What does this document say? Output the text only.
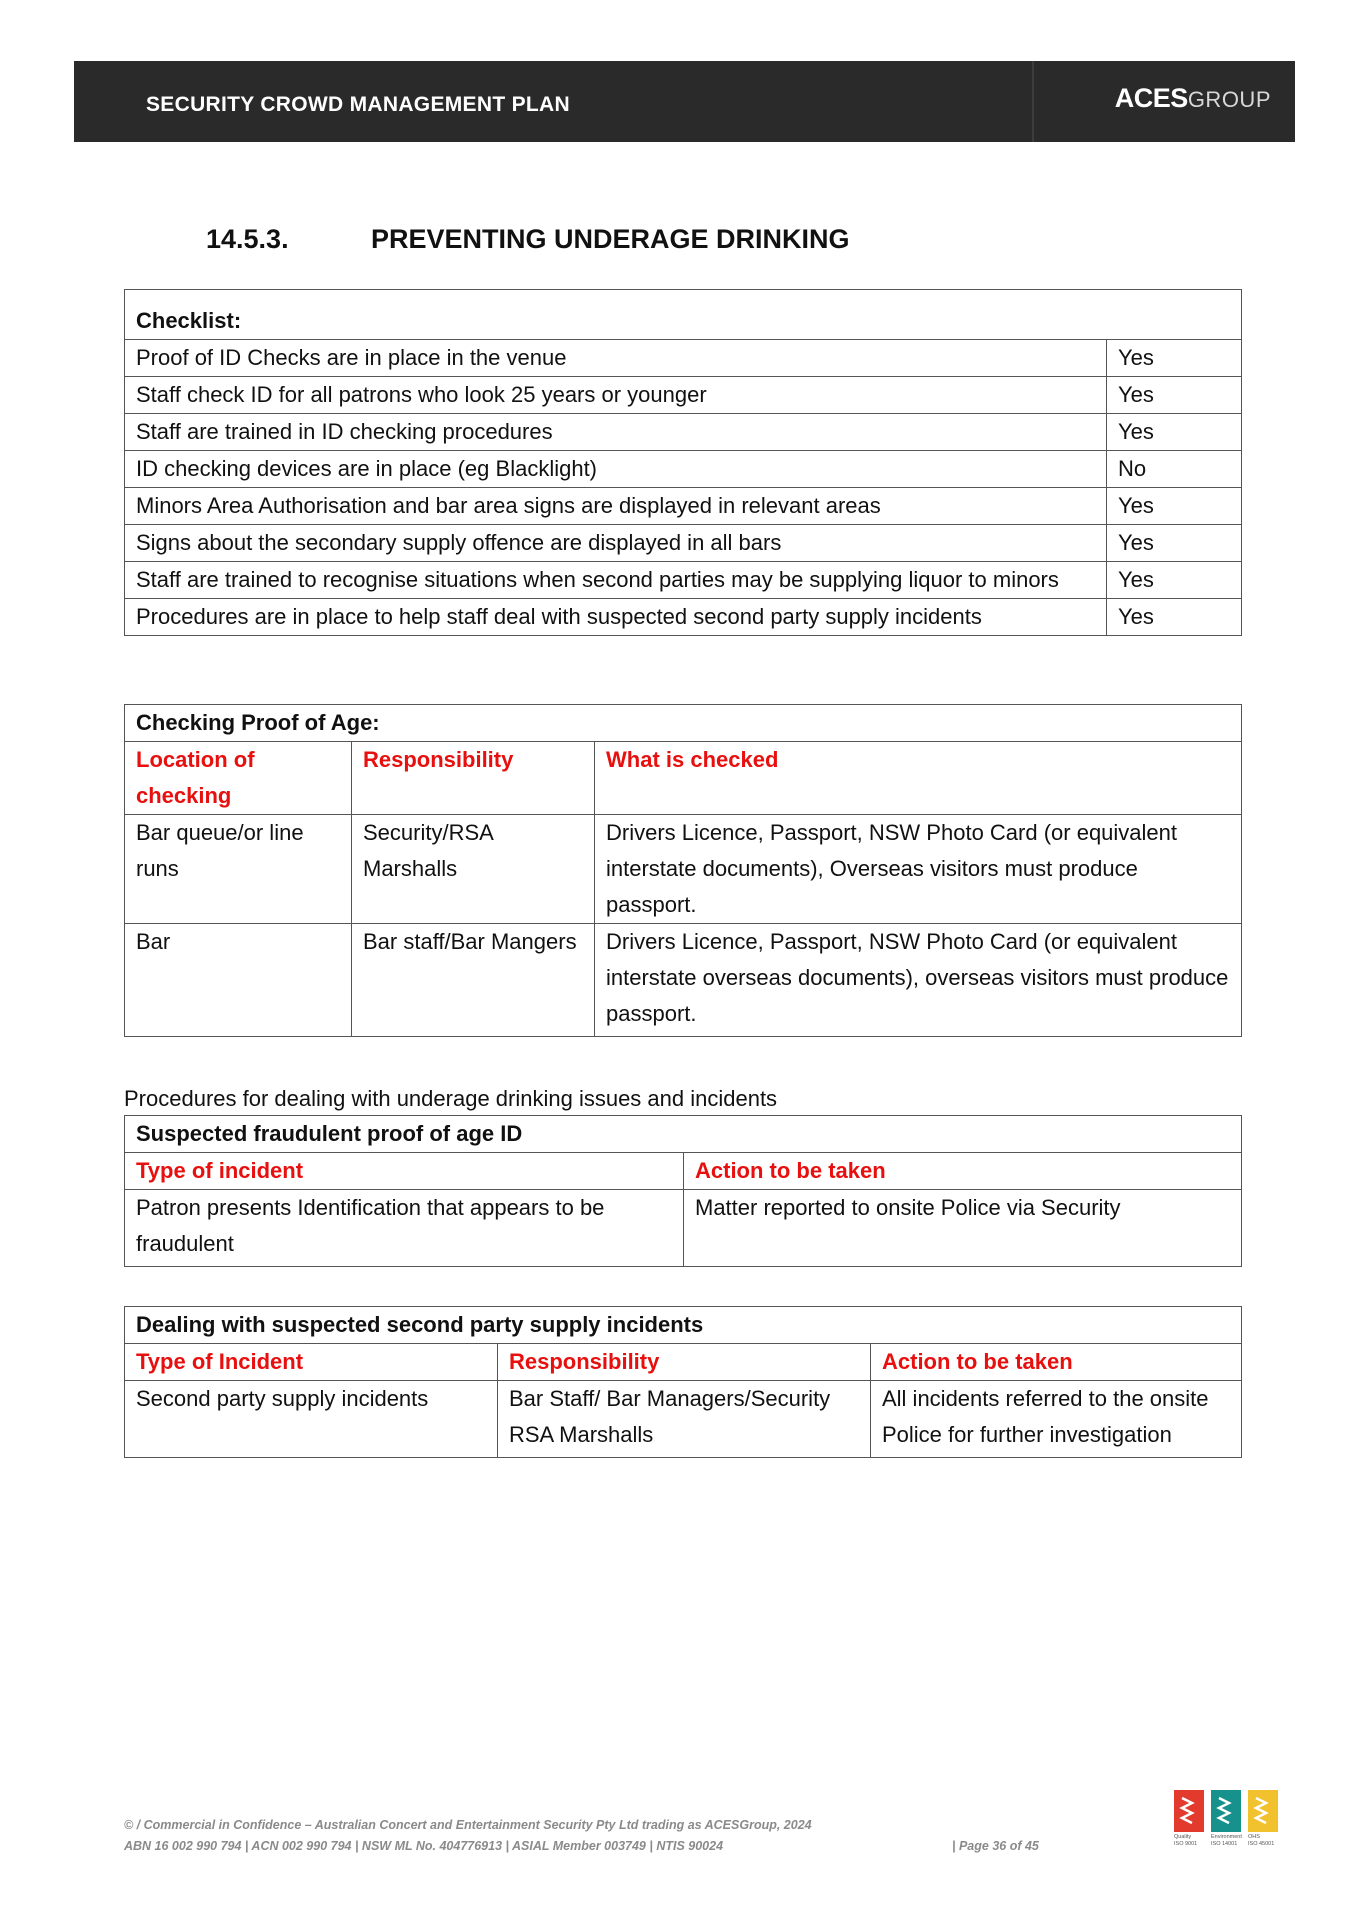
SECURITY CROWD MANAGEMENT PLAN	ACESGROUP
14.5.3.	PREVENTING UNDERAGE DRINKING
Checklist:	
Proof of ID Checks are in place in the venue	Yes
Staff check ID for all patrons who look 25 years or younger	Yes
Staff are trained in ID checking procedures	Yes
ID checking devices are in place (eg Blacklight)	No
Minors Area Authorisation and bar area signs are displayed in relevant areas	Yes
Signs about the secondary supply offence are displayed in all bars	Yes
Staff are trained to recognise situations when second parties may be supplying liquor to minors	Yes
Procedures are in place to help staff deal with suspected second party supply incidents	Yes
Checking Proof of Age:		
Location of checking	Responsibility	What is checked
Bar queue/or line runs	Security/RSA Marshalls	Drivers Licence, Passport, NSW Photo Card (or equivalent interstate documents), Overseas visitors must produce passport.
Bar	Bar staff/Bar Mangers	Drivers Licence, Passport, NSW Photo Card (or equivalent interstate overseas documents), overseas visitors must produce passport.
Procedures for dealing with underage drinking issues and incidents
Suspected fraudulent proof of age ID	
Type of incident	Action to be taken
Patron presents Identification that appears to be fraudulent	Matter reported to onsite Police via Security
Dealing with suspected second party supply incidents		
Type of Incident	Responsibility	Action to be taken
Second party supply incidents	Bar Staff/ Bar Managers/Security RSA Marshalls	All incidents referred to the onsite Police for further investigation
© / Commercial in Confidence – Australian Concert and Entertainment Security Pty Ltd trading as ACESGroup, 2024
ABN 16 002 990 794 | ACN 002 990 794 | NSW ML No. 404776913 | ASIAL Member 003749 | NTIS 90024	| Page 36 of 45
Quality
ISO 9001
Environment
ISO 14001
OHS
ISO 45001
